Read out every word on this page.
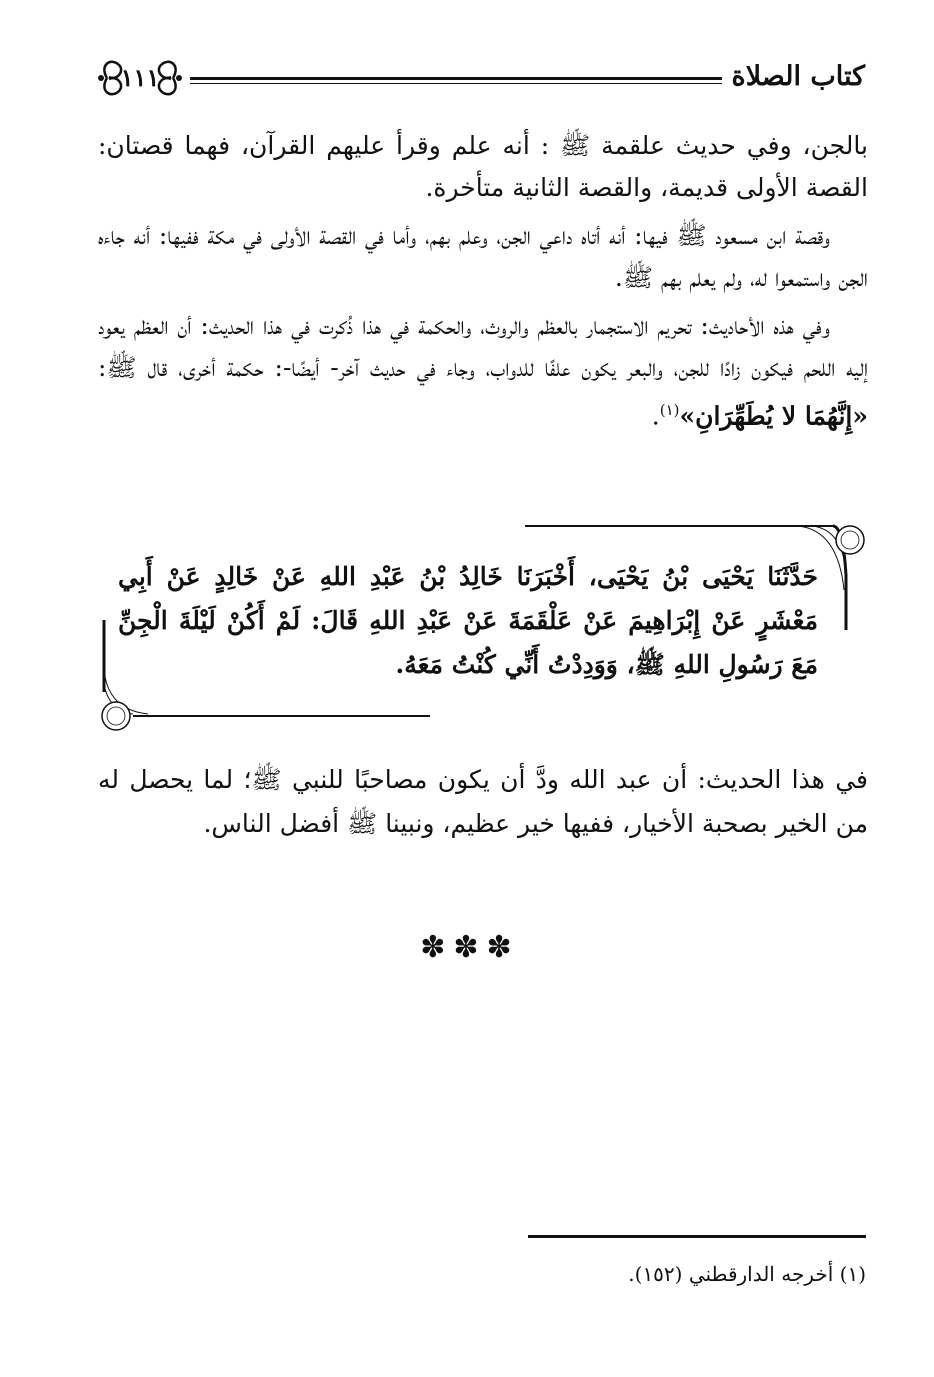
كتاب الصلاة
١١١

بالجن، وفي حديث علقمة ﷺ : أنه علم وقرأ عليهم القرآن، فهما قصتان: القصة الأولى قديمة، والقصة الثانية متأخرة.

وقصة ابن مسعود ﷺ فيها: أنه أتاه داعي الجن، وعلم بهم، وأما في القصة الأولى في مكة ففيها: أنه جاءه الجن واستمعوا له، ولم يعلم بهم ﷺ.

وفي هذه الأحاديث: تحريم الاستجمار بالعظم والروث، والحكمة في هذا ذُكرت في هذا الحديث: أن العظم يعود إليه اللحم فيكون زادًا للجن، والبعر يكون علفًا للدواب، وجاء في حديث آخر- أيضًا-: حكمة أخرى، قال ﷺ: «إِنَّهُمَا لا يُطَهِّرَانِ»$^{(١)}$.

حَدَّثَنَا يَحْيَى بْنُ يَحْيَى، أَخْبَرَنَا خَالِدُ بْنُ عَبْدِ اللهِ عَنْ خَالِدٍ عَنْ أَبِي مَعْشَرٍ عَنْ إِبْرَاهِيمَ عَنْ عَلْقَمَةَ عَنْ عَبْدِ اللهِ قَالَ: لَمْ أَكُنْ لَيْلَةَ الْجِنِّ مَعَ رَسُولِ اللهِ ﷺ، وَوَدِدْتُ أَنِّي كُنْتُ مَعَهُ.

في هذا الحديث: أن عبد الله ودَّ أن يكون مصاحبًا للنبي ﷺ؛ لما يحصل له من الخير بصحبة الأخيار، ففيها خير عظيم، ونبينا ﷺ أفضل الناس.

✽✽✽
(١) أخرجه الدارقطني (١٥٢).
